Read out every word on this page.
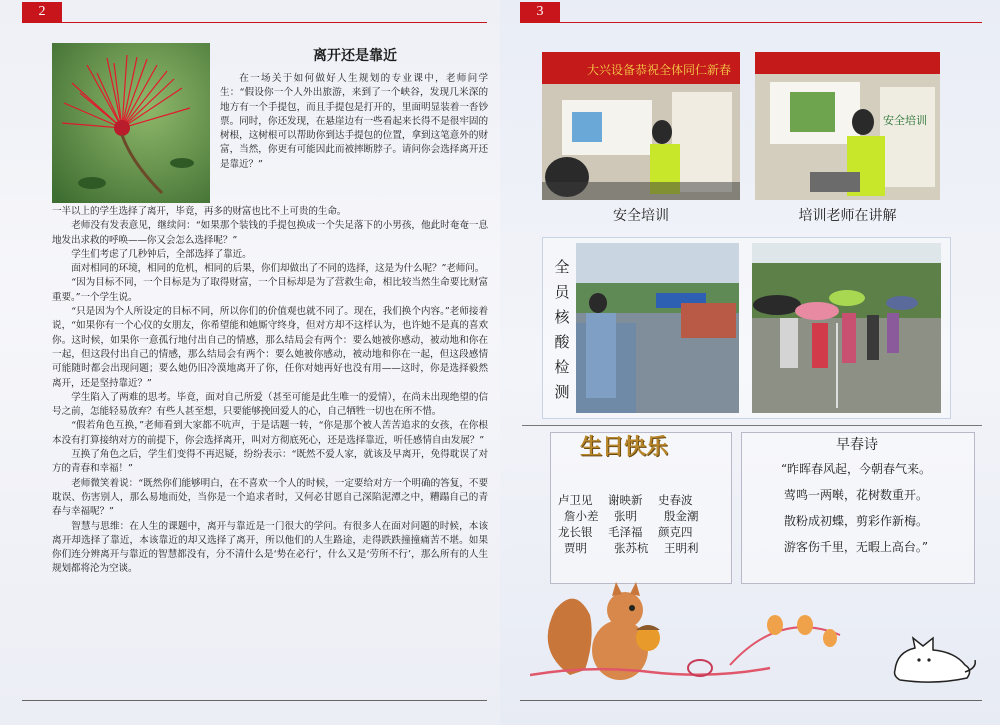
2
离开还是靠近

在一场关于如何做好人生规划的专业课中，老师问学生：“假设你一个人外出旅游，来到了一个峡谷，发现几米深的地方有一个手提包，而且手提包是打开的，里面明显装着一沓钞票。同时，你还发现，在悬崖边有一些看起来长得不是很牢固的树根，这树根可以帮助你到达手提包的位置，拿到这笔意外的财富，当然，你更有可能因此而被摔断脖子。请问你会选择离开还是靠近？”

一半以上的学生选择了离开，毕竟，再多的财富也比不上可贵的生命。

老师没有发表意见，继续问：“如果那个装钱的手提包换成一个失足落下的小男孩，他此时奄奄一息地发出求救的呼唤——你又会怎么选择呢？”

学生们考虑了几秒钟后，全部选择了靠近。

面对相同的环境，相同的危机，相同的后果，你们却做出了不同的选择，这是为什么呢？”老师问。

“因为目标不同，一个目标是为了取得财富，一个目标却是为了营救生命，相比较当然生命要比财富重要。”一个学生说。

“只是因为个人所设定的目标不同，所以你们的价值观也就不同了。现在，我们换个内容。”老师接着说，“如果你有一个心仪的女朋友，你希望能和她厮守终身，但对方却不这样认为，也许她不是真的喜欢你。这时候，如果你一意孤行地付出自己的情感，那么结局会有两个：要么她被你感动，被动地和你在一起，但这段付出自己的情感，那么结局会有两个：要么她被你感动，被动地和你在一起，但这段感情可能随时都会出现问题；要么她仍旧冷漠地离开了你，任你对她再好也没有用——这时，你是选择毅然离开，还是坚持靠近？”

学生陷入了两难的思考。毕竟，面对自己所爱（甚至可能是此生唯一的爱情），在尚未出现绝望的信号之前，怎能轻易放弃？有些人甚至想，只要能够挽回爱人的心，自己牺牲一切也在所不惜。

“假若角色互换，”老师看到大家都不吭声，于是话题一转，“你是那个被人苦苦追求的女孩，在你根本没有打算接纳对方的前提下，你会选择离开，叫对方彻底死心，还是选择靠近，听任感情自由发展？”

互换了角色之后，学生们变得不再迟疑，纷纷表示：“既然不爱人家，就该及早离开，免得耽误了对方的青春和幸福！”

老师微笑着说：“既然你们能够明白，在不喜欢一个人的时候，一定要给对方一个明确的答复，不要耽误、伤害别人，那么易地而处，当你是一个追求者时，又何必甘愿自己深陷泥潭之中，糟蹋自己的青春与幸福呢？”

智慧与思维：在人生的课题中，离开与靠近是一门很大的学问。有很多人在面对问题的时候，本该离开却选择了靠近，本该靠近的却又选择了离开，所以他们的人生路途，走得跌跌撞撞痛苦不堪。如果你们连分辨离开与靠近的智慧都没有，分不清什么是‘势在必行’，什么又是‘劳所不行’，那么所有的人生规划都将沦为空谈。

3
大兴设备恭祝全体同仁新春
安全培训
安全培训
培训老师在讲解
全
员
核
酸
检
测
生日快乐
卢卫见 谢映新 史春波
詹小差 张明 殷金潮
龙长银 毛泽福 颜克四
贾明 张苏杭 王明利
早春诗
“昨晖春风起，今朝春气来。
莺鸣一两啭，花树数重开。
散粉成初蝶，剪彩作新梅。
游客伤千里，无暇上高台。”
